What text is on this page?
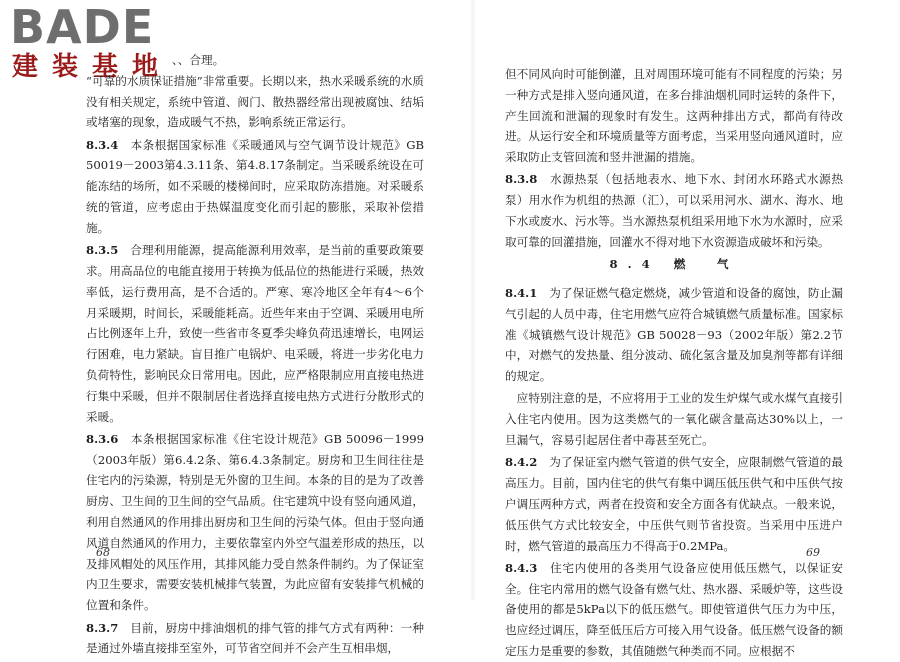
BADE
建装基地 、、合理。

“可靠的水质保证措施”非常重要。长期以来，热水采暖系统的水质没有相关规定，系统中管道、阀门、散热器经常出现被腐蚀、结垢或堵塞的现象，造成暖气不热，影响系统正常运行。

8.3.4　 本条根据国家标准《采暖通风与空气调节设计规范》GB 50019－2003第4.3.11条、第4.8.17条制定。当采暖系统设在可能冻结的场所，如不采暖的楼梯间时，应采取防冻措施。对采暖系统的管道，应考虑由于热媒温度变化而引起的膨胀，采取补偿措施。

8.3.5　 合理利用能源，提高能源利用效率，是当前的重要政策要求。用高品位的电能直接用于转换为低品位的热能进行采暖，热效率低，运行费用高，是不合适的。严寒、寒冷地区全年有4～6个月采暖期，时间长，采暖能耗高。近些年来由于空调、采暖用电所占比例逐年上升，致使一些省市冬夏季尖峰负荷迅速增长，电网运行困难，电力紧缺。盲目推广电锅炉、电采暖，将进一步劣化电力负荷特性，影响民众日常用电。因此，应严格限制应用直接电热进行集中采暖，但并不限制居住者选择直接电热方式进行分散形式的采暖。

8.3.6　 本条根据国家标准《住宅设计规范》GB 50096－1999（2003年版）第6.4.2条、第6.4.3条制定。厨房和卫生间往往是住宅内的污染源，特别是无外窗的卫生间。本条的目的是为了改善厨房、卫生间的卫生间的空气品质。住宅建筑中设有竖向通风道，利用自然通风的作用排出厨房和卫生间的污染气体。但由于竖向通风道自然通风的作用力，主要依靠室内外空气温差形成的热压，以及排风帽处的风压作用，其排风能力受自然条件制约。为了保证室内卫生要求，需要安装机械排气装置，为此应留有安装排气机械的位置和条件。

8.3.7　 目前，厨房中排油烟机的排气管的排气方式有两种：一种是通过外墙直接排至室外，可节省空间并不会产生互相串烟，

68

但不同风向时可能倒灌，且对周围环境可能有不同程度的污染；另一种方式是排入竖向通风道，在多台排油烟机同时运转的条件下，产生回流和泄漏的现象时有发生。这两种排出方式，都尚有待改进。从运行安全和环境质量等方面考虑，当采用竖向通风道时，应采取防止支管回流和竖井泄漏的措施。

8.3.8　 水源热泵（包括地表水、地下水、封闭水环路式水源热泵）用水作为机组的热源（汇），可以采用河水、湖水、海水、地下水或废水、污水等。当水源热泵机组采用地下水为水源时，应采取可靠的回灌措施，回灌水不得对地下水资源造成破坏和污染。

8.4 燃　气

8.4.1　 为了保证燃气稳定燃烧，减少管道和设备的腐蚀，防止漏气引起的人员中毒，住宅用燃气应符合城镇燃气质量标准。国家标准《城镇燃气设计规范》GB 50028－93（2002年版）第2.2节中，对燃气的发热量、组分波动、硫化氢含量及加臭剂等都有详细的规定。

　应特别注意的是，不应将用于工业的发生炉煤气或水煤气直接引入住宅内使用。因为这类燃气的一氧化碳含量高达30%以上，一旦漏气，容易引起居住者中毒甚至死亡。

8.4.2　 为了保证室内燃气管道的供气安全，应限制燃气管道的最高压力。目前，国内住宅的供气有集中调压低压供气和中压供气按户调压两种方式，两者在投资和安全方面各有优缺点。一般来说，低压供气方式比较安全，中压供气则节省投资。当采用中压进户时，燃气管道的最高压力不得高于0.2MPa。

8.4.3　 住宅内使用的各类用气设备应使用低压燃气，以保证安全。住宅内常用的燃气设备有燃气灶、热水器、采暖炉等，这些设备使用的都是5kPa以下的低压燃气。即使管道供气压力为中压，也应经过调压，降至低压后方可接入用气设备。低压燃气设备的额定压力是重要的参数，其值随燃气种类而不同。应根据不

69
